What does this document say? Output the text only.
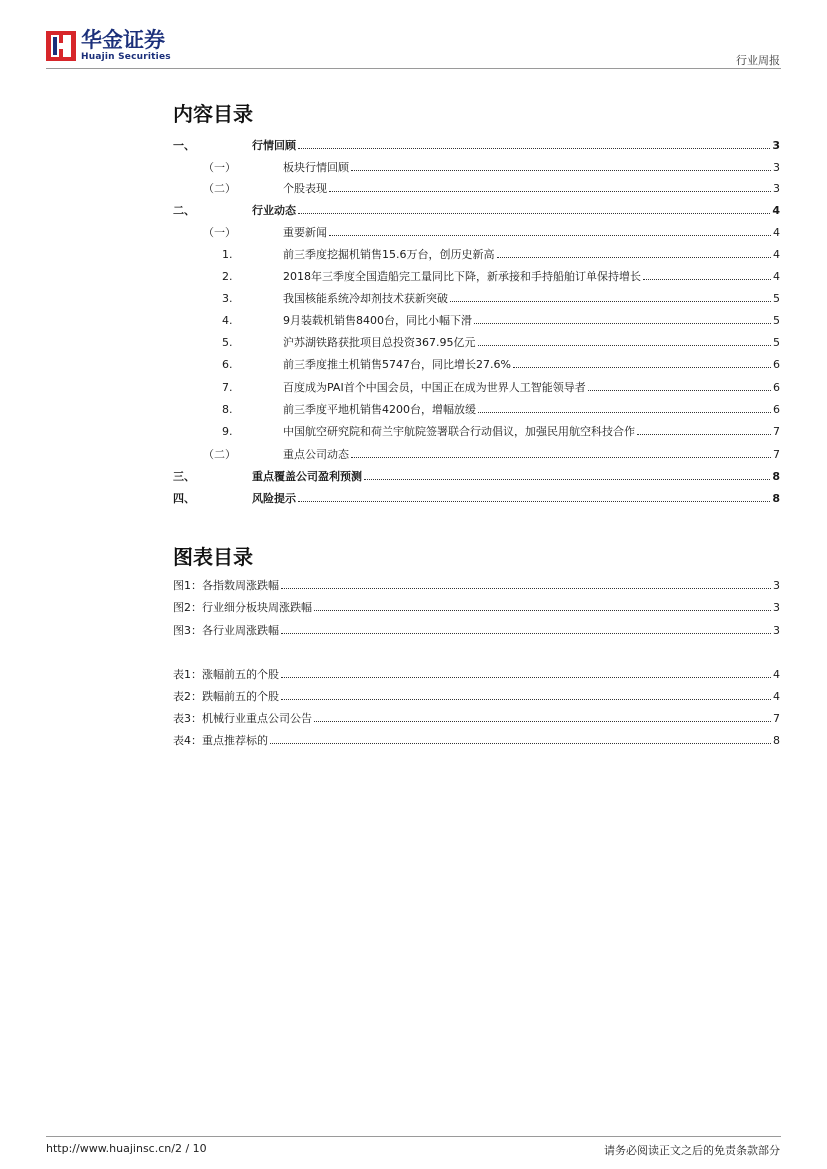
华金证券
Huajin Securities	行业周报
内容目录
一、	行情回顾	3
（一）	板块行情回顾	3
（二）	个股表现	3
二、	行业动态	4
（一）	重要新闻	4
1.	前三季度挖掘机销售15.6万台，创历史新高	4
2.	2018年三季度全国造船完工量同比下降，新承接和手持船舶订单保持增长	4
3.	我国核能系统冷却剂技术获新突破	5
4.	9月装载机销售8400台，同比小幅下滑	5
5.	沪苏湖铁路获批项目总投资367.95亿元	5
6.	前三季度推土机销售5747台，同比增长27.6%	6
7.	百度成为PAI首个中国会员，中国正在成为世界人工智能领导者	6
8.	前三季度平地机销售4200台，增幅放缓	6
9.	中国航空研究院和荷兰宇航院签署联合行动倡议，加强民用航空科技合作	7
（二）	重点公司动态	7
三、	重点覆盖公司盈利预测	8
四、	风险提示	8
图表目录
图1：各指数周涨跌幅	3
图2：行业细分板块周涨跌幅	3
图3：各行业周涨跌幅	3
表1：涨幅前五的个股	4
表2：跌幅前五的个股	4
表3：机械行业重点公司公告	7
表4：重点推荐标的	8
http://www.huajinsc.cn/2 / 10	请务必阅读正文之后的免责条款部分
